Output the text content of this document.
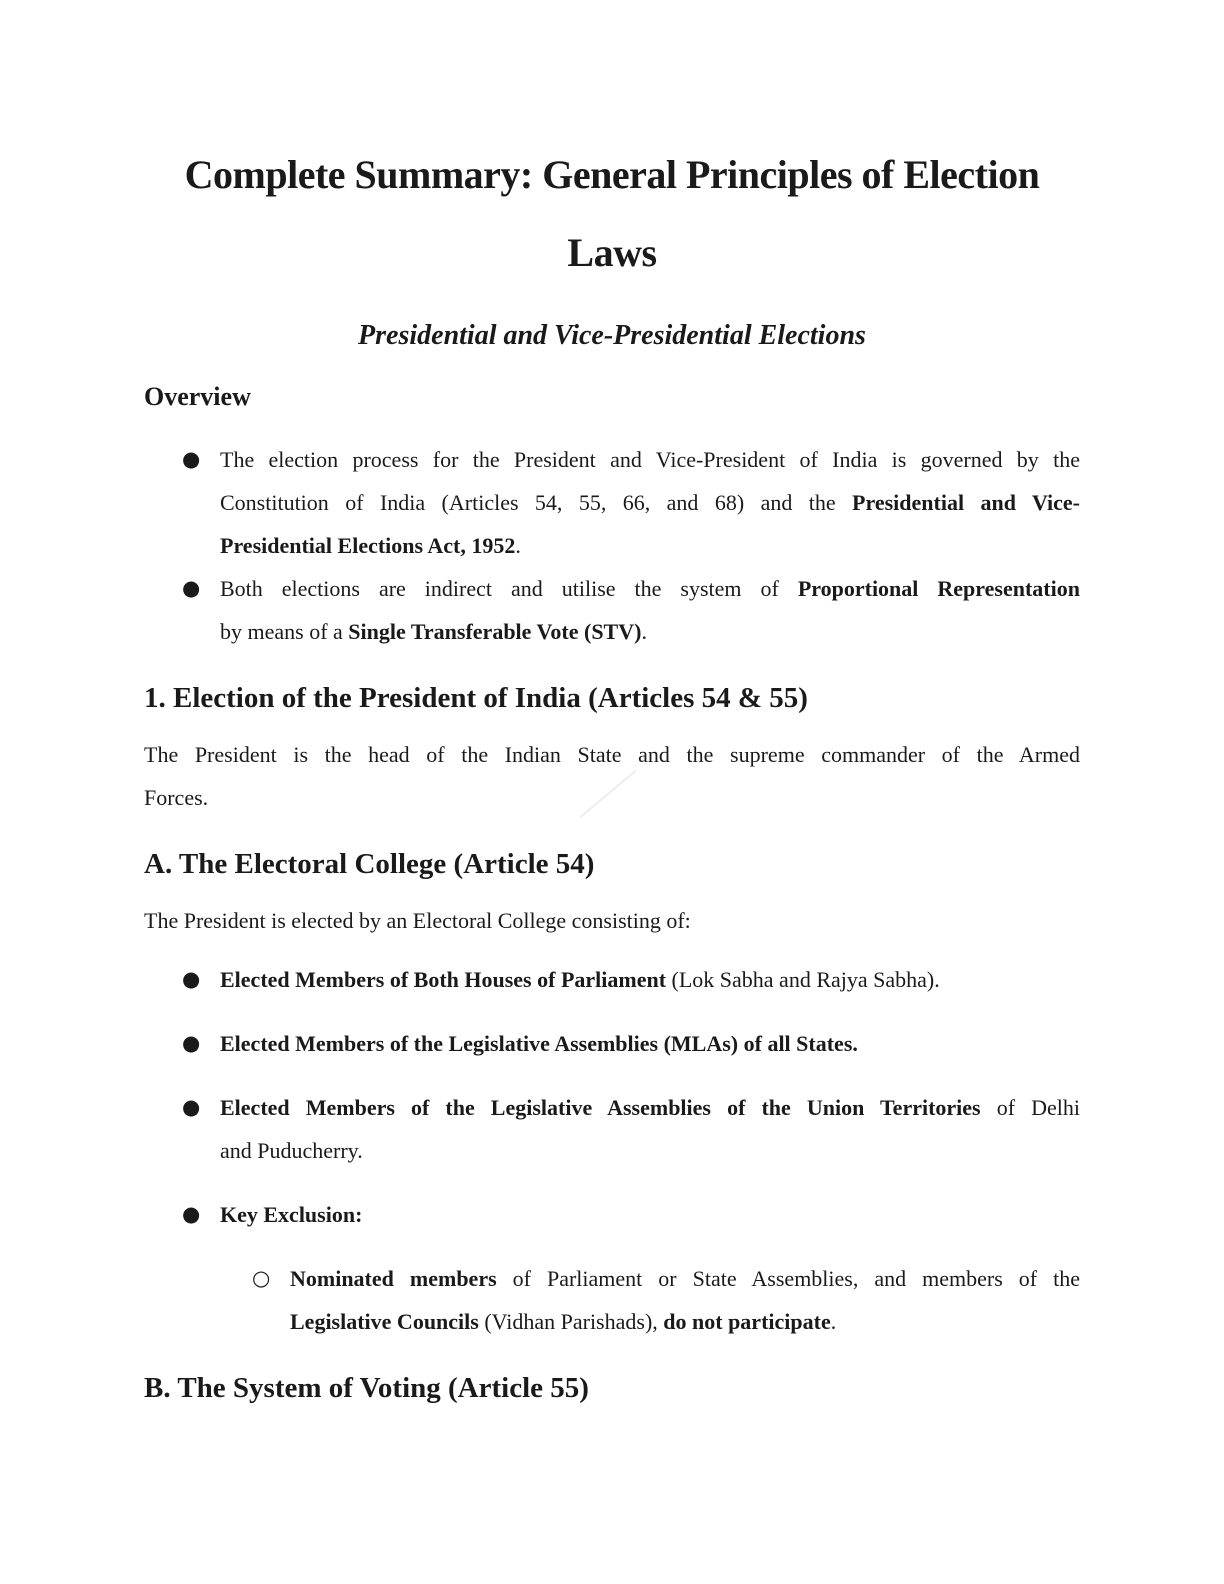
Complete Summary: General Principles of Election
Laws
Presidential and Vice-Presidential Elections
Overview
● The election process for the President and Vice-President of India is governed by the
Constitution of India (Articles 54, 55, 66, and 68) and the Presidential and Vice-
Presidential Elections Act, 1952.
● Both elections are indirect and utilise the system of Proportional Representation
by means of a Single Transferable Vote (STV).
1. Election of the President of India (Articles 54 & 55)
The President is the head of the Indian State and the supreme commander of the Armed
Forces.
A. The Electoral College (Article 54)
The President is elected by an Electoral College consisting of:
● Elected Members of Both Houses of Parliament (Lok Sabha and Rajya Sabha).
● Elected Members of the Legislative Assemblies (MLAs) of all States.
● Elected Members of the Legislative Assemblies of the Union Territories of Delhi
and Puducherry.
● Key Exclusion:
○ Nominated members of Parliament or State Assemblies, and members of the
Legislative Councils (Vidhan Parishads), do not participate.
B. The System of Voting (Article 55)
